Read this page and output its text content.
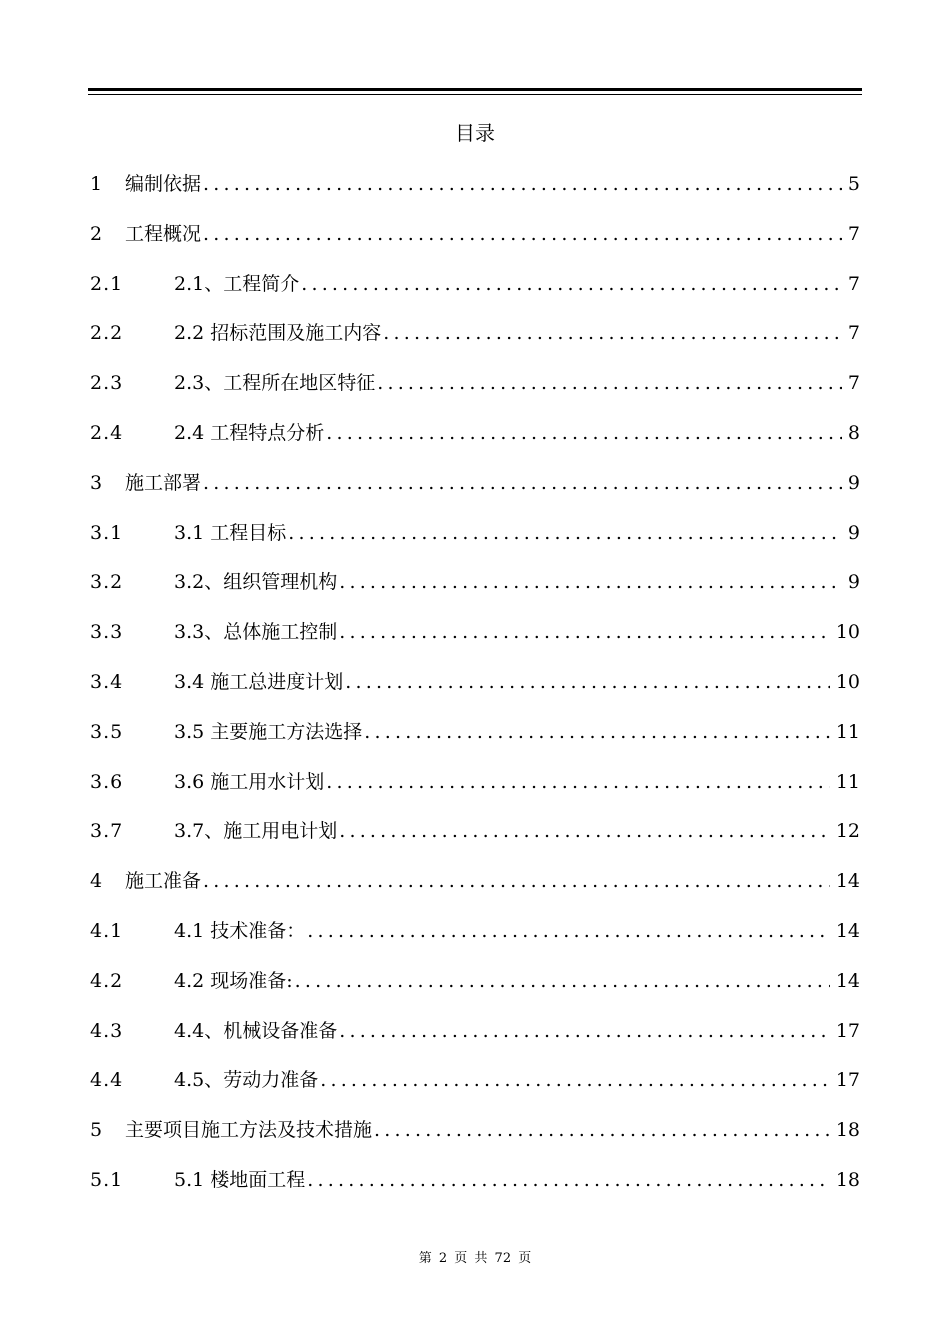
目录
1	编制依据 .....	5
2	工程概况 .....	7
2.1	2.1、工程简介 .....	7
2.2	2.2 招标范围及施工内容 .....	7
2.3	2.3、工程所在地区特征 .....	7
2.4	2.4 工程特点分析 .....	8
3	施工部署 .....	9
3.1	3.1 工程目标 .....	9
3.2	3.2、组织管理机构 .....	9
3.3	3.3、总体施工控制 .....	10
3.4	3.4 施工总进度计划 .....	10
3.5	3.5 主要施工方法选择 .....	11
3.6	3.6 施工用水计划 .....	11
3.7	3.7、施工用电计划 .....	12
4	施工准备 .....	14
4.1	4.1 技术准备： .....	14
4.2	4.2 现场准备: .....	14
4.3	4.4、机械设备准备 .....	17
4.4	4.5、劳动力准备 .....	17
5	主要项目施工方法及技术措施 .....	18
5.1	5.1 楼地面工程 .....	18
第 2 页 共 72 页
